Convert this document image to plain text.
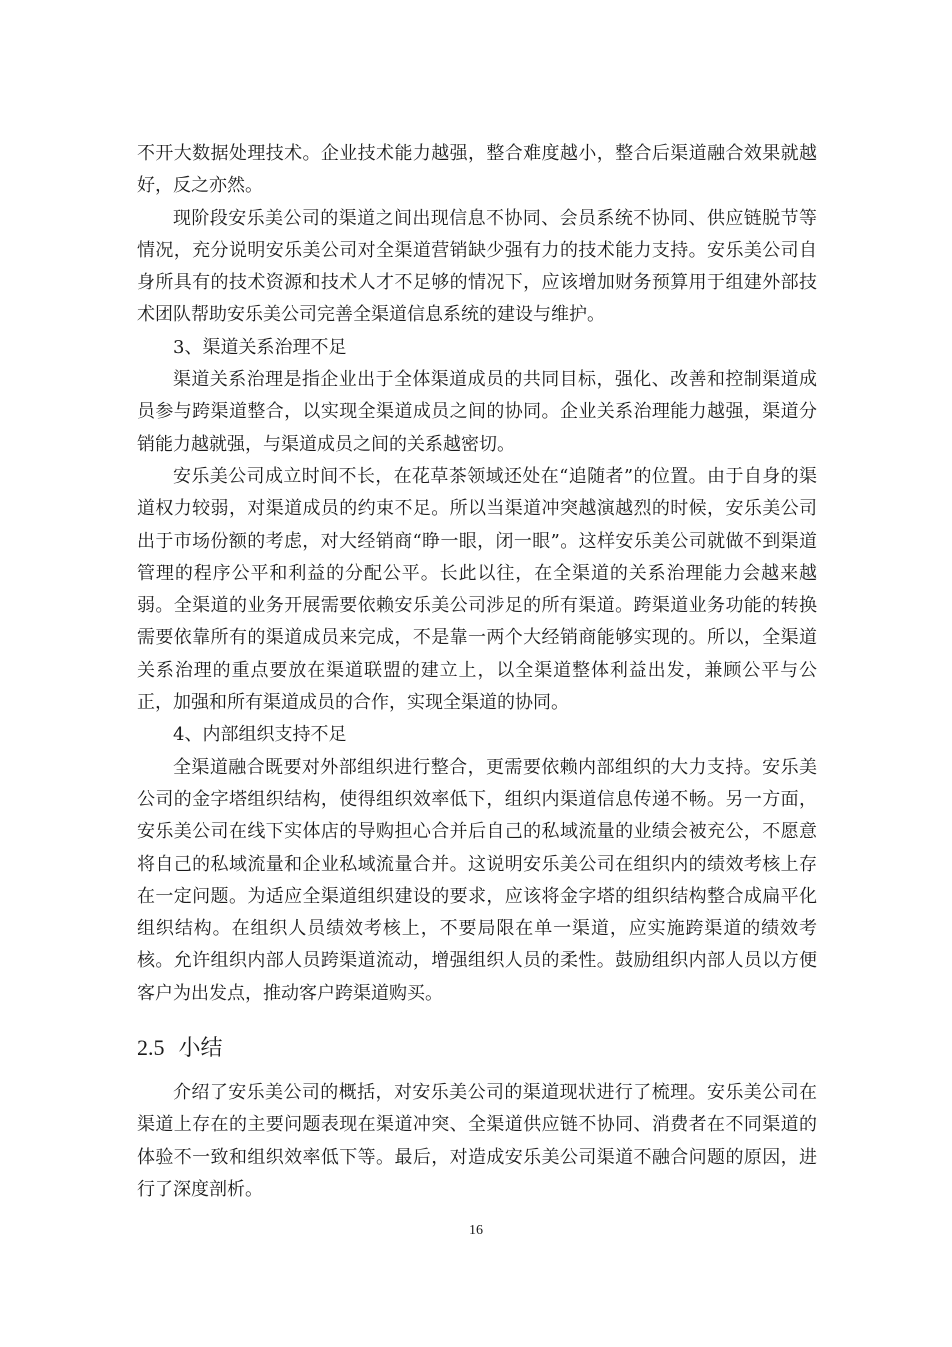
不开大数据处理技术。企业技术能力越强，整合难度越小，整合后渠道融合效果就越好，反之亦然。

现阶段安乐美公司的渠道之间出现信息不协同、会员系统不协同、供应链脱节等情况，充分说明安乐美公司对全渠道营销缺少强有力的技术能力支持。安乐美公司自身所具有的技术资源和技术人才不足够的情况下，应该增加财务预算用于组建外部技术团队帮助安乐美公司完善全渠道信息系统的建设与维护。

3、渠道关系治理不足

渠道关系治理是指企业出于全体渠道成员的共同目标，强化、改善和控制渠道成员参与跨渠道整合，以实现全渠道成员之间的协同。企业关系治理能力越强，渠道分销能力越就强，与渠道成员之间的关系越密切。

安乐美公司成立时间不长，在花草茶领域还处在“追随者”的位置。由于自身的渠道权力较弱，对渠道成员的约束不足。所以当渠道冲突越演越烈的时候，安乐美公司出于市场份额的考虑，对大经销商“睁一眼，闭一眼”。这样安乐美公司就做不到渠道管理的程序公平和利益的分配公平。长此以往，在全渠道的关系治理能力会越来越弱。全渠道的业务开展需要依赖安乐美公司涉足的所有渠道。跨渠道业务功能的转换需要依靠所有的渠道成员来完成，不是靠一两个大经销商能够实现的。所以，全渠道关系治理的重点要放在渠道联盟的建立上，以全渠道整体利益出发，兼顾公平与公正，加强和所有渠道成员的合作，实现全渠道的协同。

4、内部组织支持不足

全渠道融合既要对外部组织进行整合，更需要依赖内部组织的大力支持。安乐美公司的金字塔组织结构，使得组织效率低下，组织内渠道信息传递不畅。另一方面，安乐美公司在线下实体店的导购担心合并后自己的私域流量的业绩会被充公，不愿意将自己的私域流量和企业私域流量合并。这说明安乐美公司在组织内的绩效考核上存在一定问题。为适应全渠道组织建设的要求，应该将金字塔的组织结构整合成扁平化组织结构。在组织人员绩效考核上，不要局限在单一渠道，应实施跨渠道的绩效考核。允许组织内部人员跨渠道流动，增强组织人员的柔性。鼓励组织内部人员以方便客户为出发点，推动客户跨渠道购买。

2.5 小结

介绍了安乐美公司的概括，对安乐美公司的渠道现状进行了梳理。安乐美公司在渠道上存在的主要问题表现在渠道冲突、全渠道供应链不协同、消费者在不同渠道的体验不一致和组织效率低下等。最后，对造成安乐美公司渠道不融合问题的原因，进行了深度剖析。

16
